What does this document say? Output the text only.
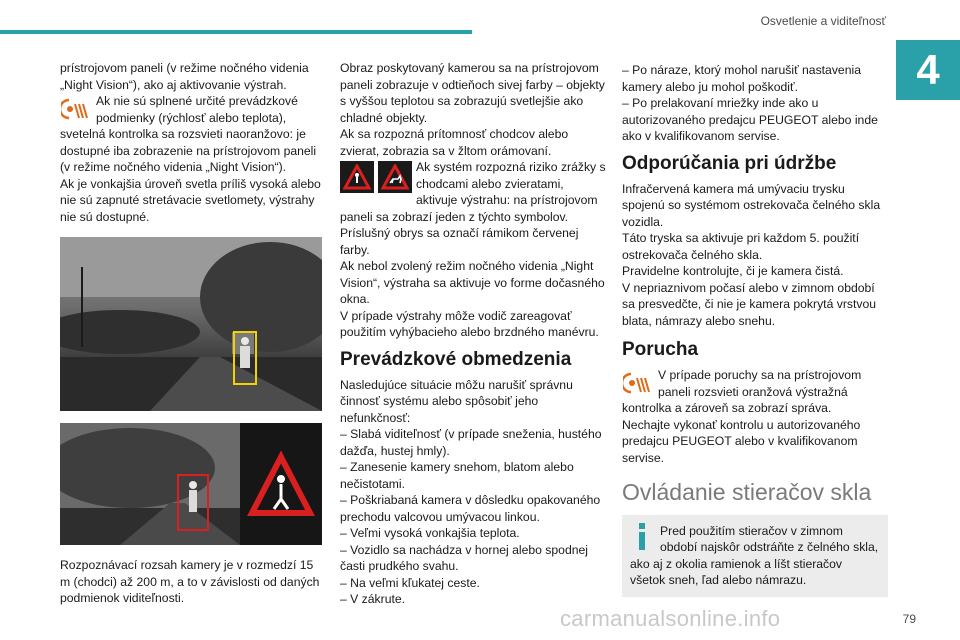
Osvetlenie a viditeľnosť
4

prístrojovom paneli (v režime nočného videnia „Night Vision“), ako aj aktivovanie výstrah.

Ak nie sú splnené určité prevádzkové podmienky (rýchlosť alebo teplota), svetelná kontrolka sa rozsvieti naoranžovo: je dostupné iba zobrazenie na prístrojovom paneli (v režime nočného videnia „Night Vision“).

Ak je vonkajšia úroveň svetla príliš vysoká alebo nie sú zapnuté stretávacie svetlomety, výstrahy nie sú dostupné.

Rozpoznávací rozsah kamery je v rozmedzí 15 m (chodci) až 200 m, a to v závislosti od daných podmienok viditeľnosti.

Obraz poskytovaný kamerou sa na prístrojovom paneli zobrazuje v odtieňoch sivej farby – objekty s vyššou teplotou sa zobrazujú svetlejšie ako chladné objekty.

Ak sa rozpozná prítomnosť chodcov alebo zvierat, zobrazia sa v žltom orámovaní.

Ak systém rozpozná riziko zrážky s chodcami alebo zvieratami, aktivuje výstrahu: na prístrojovom paneli sa zobrazí jeden z týchto symbolov. Príslušný obrys sa označí rámikom červenej farby.

Ak nebol zvolený režim nočného videnia „Night Vision“, výstraha sa aktivuje vo forme dočasného okna.

V prípade výstrahy môže vodič zareagovať použitím vyhýbacieho alebo brzdného manévru.

Prevádzkové obmedzenia

Nasledujúce situácie môžu narušiť správnu činnosť systému alebo spôsobiť jeho nefunkčnosť:

– Slabá viditeľnosť (v prípade sneženia, hustého dažďa, hustej hmly).

– Zanesenie kamery snehom, blatom alebo nečistotami.

– Poškriabaná kamera v dôsledku opakovaného prechodu valcovou umývacou linkou.

– Veľmi vysoká vonkajšia teplota.

– Vozidlo sa nachádza v hornej alebo spodnej časti prudkého svahu.

– Na veľmi kľukatej ceste.

– V zákrute.

– Po náraze, ktorý mohol narušiť nastavenia kamery alebo ju mohol poškodiť.

– Po prelakovaní mriežky inde ako u autorizovaného predajcu PEUGEOT alebo inde ako v kvalifikovanom servise.

Odporúčania pri údržbe

Infračervená kamera má umývaciu trysku spojenú so systémom ostrekovača čelného skla vozidla.

Táto tryska sa aktivuje pri každom 5. použití ostrekovača čelného skla.

Pravidelne kontrolujte, či je kamera čistá.

V nepriaznivom počasí alebo v zimnom období sa presvedčte, či nie je kamera pokrytá vrstvou blata, námrazy alebo snehu.

Porucha

V prípade poruchy sa na prístrojovom paneli rozsvieti oranžová výstražná kontrolka a zároveň sa zobrazí správa.

Nechajte vykonať kontrolu u autorizovaného predajcu PEUGEOT alebo v kvalifikovanom servise.

Ovládanie stieračov skla

Pred použitím stieračov v zimnom období najskôr odstráňte z čelného skla, ako aj z okolia ramienok a líšt stieračov všetok sneh, ľad alebo námrazu.

carmanualsonline.info	79
